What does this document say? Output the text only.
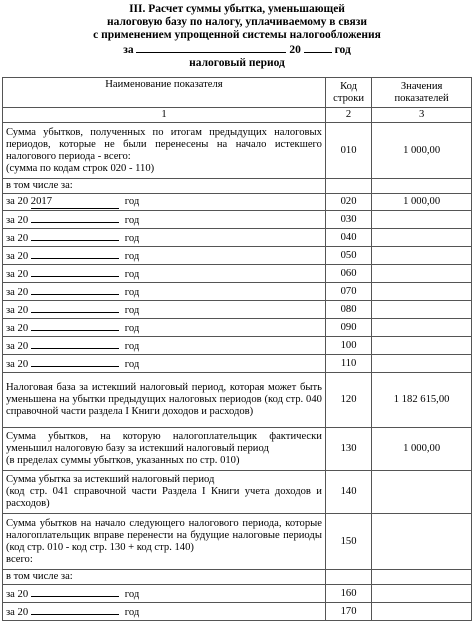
III. Расчет суммы убытка, уменьшающей
налоговую базу по налогу, уплачиваемому в связи
с применением упрощенной системы налогообложения
за	20	год
налоговый период
Наименование показателя	Код строки	Значения показателей
1	2	3

Сумма убытков, полученных по итогам предыдущих налоговых периодов, которые не были перенесены на начало истекшего налогового периода - всего:
(сумма по кодам строк 020 - 110)	010	1 000,00
в том числе за:		
за 20 2017 год	020	1 000,00
за 20 год	030	
за 20 год	040	
за 20 год	050	
за 20 год	060	
за 20 год	070	
за 20 год	080	
за 20 год	090	
за 20 год	100	
за 20 год	110	
Налоговая база за истекший налоговый период, которая может быть уменьшена на убытки предыдущих налоговых периодов (код стр. 040 справочной части раздела I Книги доходов и расходов)	120	1 182 615,00

Сумма убытков, на которую налогоплательщик фактически уменьшил налоговую базу за истекший налоговый период
(в пределах суммы убытков, указанных по стр. 010)	130	1 000,00

Сумма убытка за истекший налоговый период
(код стр. 041 справочной части Раздела I Книги учета доходов и расходов)	140	

Сумма убытков на начало следующего налогового периода, которые налогоплательщик вправе перенести на будущие налоговые периоды (код стр. 010 - код стр. 130 + код стр. 140)
всего:	150	
в том числе за:		
за 20 год	160	
за 20 год	170	
